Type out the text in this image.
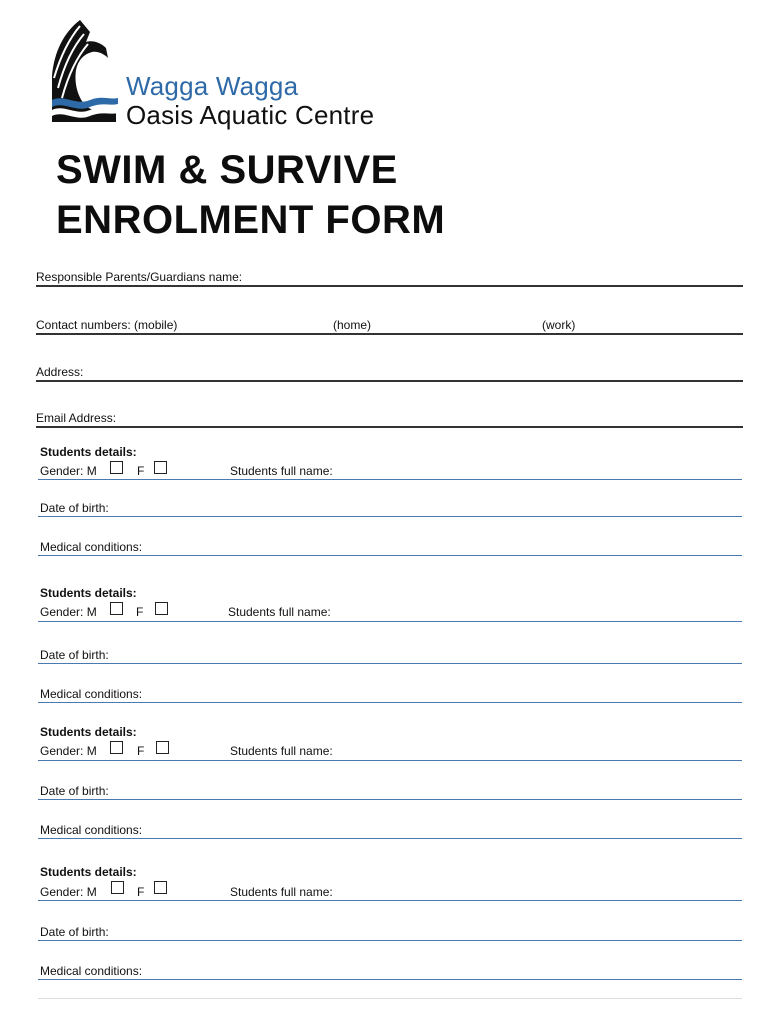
Wagga Wagga
Oasis Aquatic Centre
SWIM & SURVIVE
ENROLMENT FORM
Responsible Parents/Guardians name:
Contact numbers: (mobile)	(home)	(work)
Address:
Email Address:
Students details:
Gender: M	F	Students full name:
Date of birth:
Medical conditions:
Students details:
Gender: M	F	Students full name:
Date of birth:
Medical conditions:
Students details:
Gender: M	F	Students full name:
Date of birth:
Medical conditions:
Students details:
Gender: M	F	Students full name:
Date of birth:
Medical conditions:
